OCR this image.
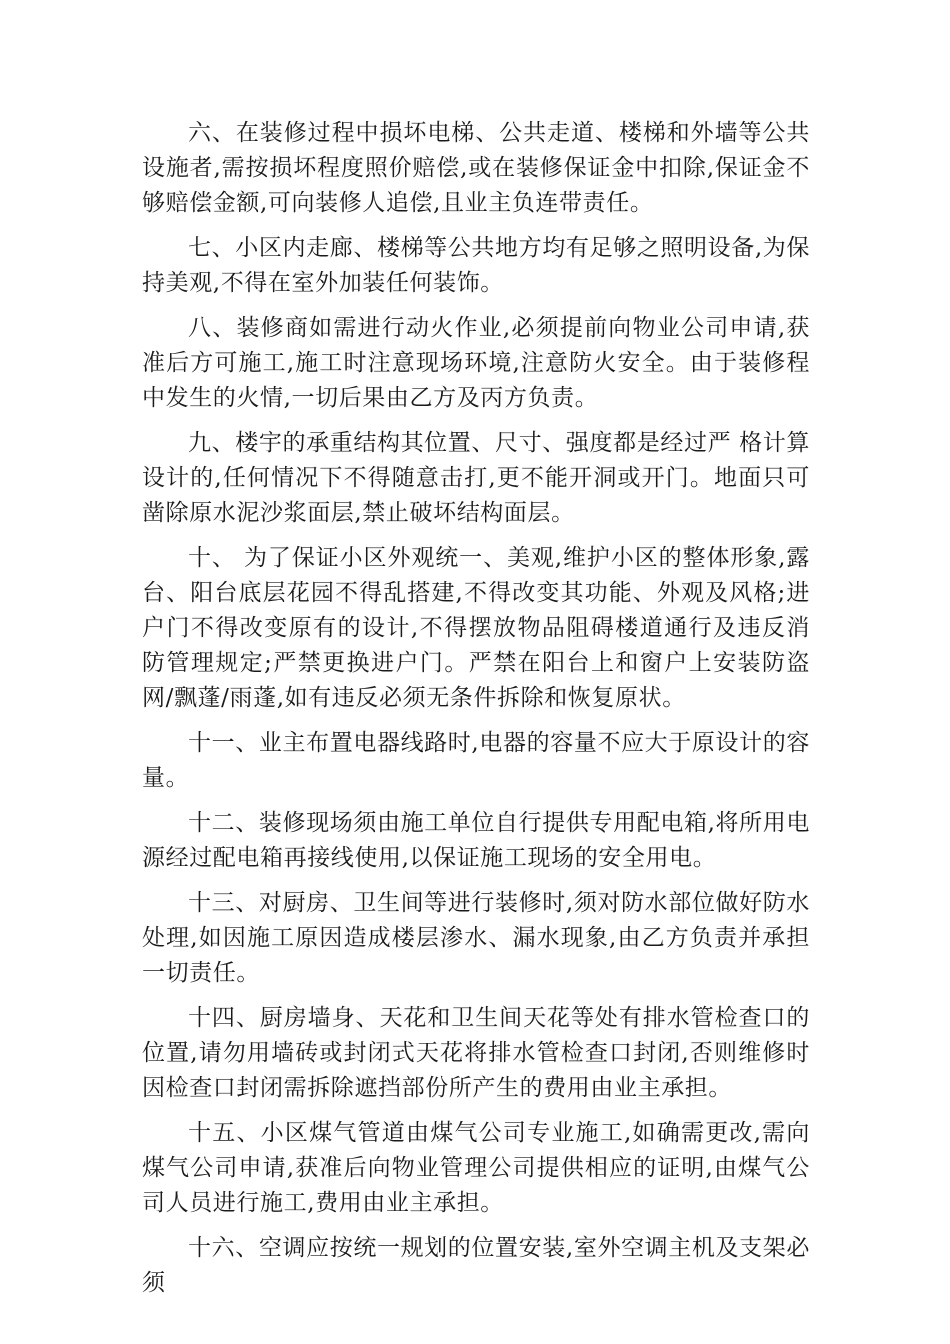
六、在装修过程中损坏电梯、公共走道、楼梯和外墙等公共设施者,需按损坏程度照价赔偿,或在装修保证金中扣除,保证金不够赔偿金额,可向装修人追偿,且业主负连带责任。

七、小区内走廊、楼梯等公共地方均有足够之照明设备,为保持美观,不得在室外加装任何装饰。

八、装修商如需进行动火作业,必须提前向物业公司申请,获准后方可施工,施工时注意现场环境,注意防火安全。由于装修程中发生的火情,一切后果由乙方及丙方负责。

九、楼宇的承重结构其位置、尺寸、强度都是经过严 格计算设计的,任何情况下不得随意击打,更不能开洞或开门。地面只可凿除原水泥沙浆面层,禁止破坏结构面层。

十、 为了保证小区外观统一、美观,维护小区的整体形象,露台、阳台底层花园不得乱搭建,不得改变其功能、外观及风格;进户门不得改变原有的设计,不得摆放物品阻碍楼道通行及违反消防管理规定;严禁更换进户门。严禁在阳台上和窗户上安装防盗网/飘蓬/雨蓬,如有违反必须无条件拆除和恢复原状。

十一、业主布置电器线路时,电器的容量不应大于原设计的容量。

十二、装修现场须由施工单位自行提供专用配电箱,将所用电源经过配电箱再接线使用,以保证施工现场的安全用电。

十三、对厨房、卫生间等进行装修时,须对防水部位做好防水处理,如因施工原因造成楼层渗水、漏水现象,由乙方负责并承担一切责任。

十四、厨房墙身、天花和卫生间天花等处有排水管检查口的位置,请勿用墙砖或封闭式天花将排水管检查口封闭,否则维修时因检查口封闭需拆除遮挡部份所产生的费用由业主承担。

十五、小区煤气管道由煤气公司专业施工,如确需更改,需向煤气公司申请,获准后向物业管理公司提供相应的证明,由煤气公司人员进行施工,费用由业主承担。

十六、空调应按统一规划的位置安装,室外空调主机及支架必须
